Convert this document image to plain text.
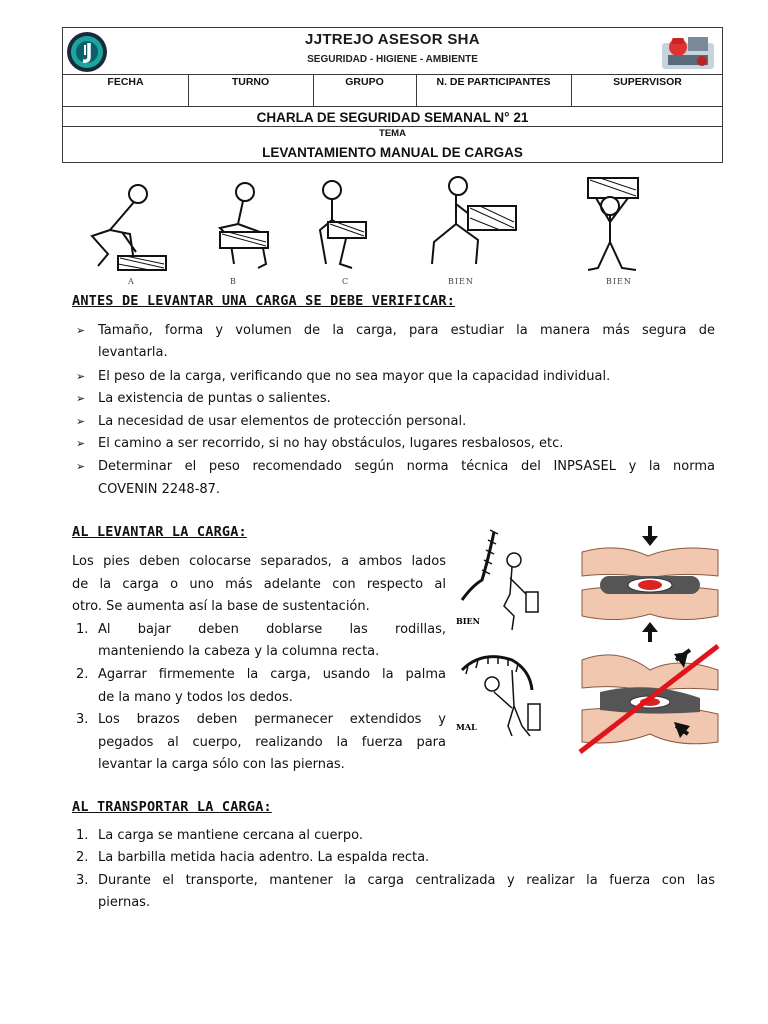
JJTREJO ASESOR SHA
SEGURIDAD - HIGIENE - AMBIENTE
FECHA	TURNO	GRUPO	N. DE PARTICIPANTES	SUPERVISOR
CHARLA DE SEGURIDAD SEMANAL N° 21
TEMA
LEVANTAMIENTO MANUAL DE CARGAS
A	B	C	BIEN	BIEN
ANTES DE LEVANTAR UNA CARGA SE DEBE VERIFICAR:
➢ Tamaño, forma y volumen de la carga, para estudiar la manera más segura de
levantarla.
➢ El peso de la carga, verificando que no sea mayor que la capacidad individual.
➢ La existencia de puntas o salientes.
➢ La necesidad de usar elementos de protección personal.
➢ El camino a ser recorrido, si no hay obstáculos, lugares resbalosos, etc.
➢ Determinar el peso recomendado según norma técnica del INPSASEL y la norma
COVENIN 2248-87.
AL LEVANTAR LA CARGA:
Los pies deben colocarse separados, a ambos lados
de la carga o uno más adelante con respecto al
otro. Se aumenta así la base de sustentación.
1. Al bajar deben doblarse las rodillas,
manteniendo la cabeza y la columna recta.
2. Agarrar firmemente la carga, usando la palma
de la mano y todos los dedos.
3. Los brazos deben permanecer extendidos y
pegados al cuerpo, realizando la fuerza para
levantar la carga sólo con las piernas.
BIEN
MAL
AL TRANSPORTAR LA CARGA:
1. La carga se mantiene cercana al cuerpo.
2. La barbilla metida hacia adentro. La espalda recta.
3. Durante el transporte, mantener la carga centralizada y realizar la fuerza con las
piernas.
